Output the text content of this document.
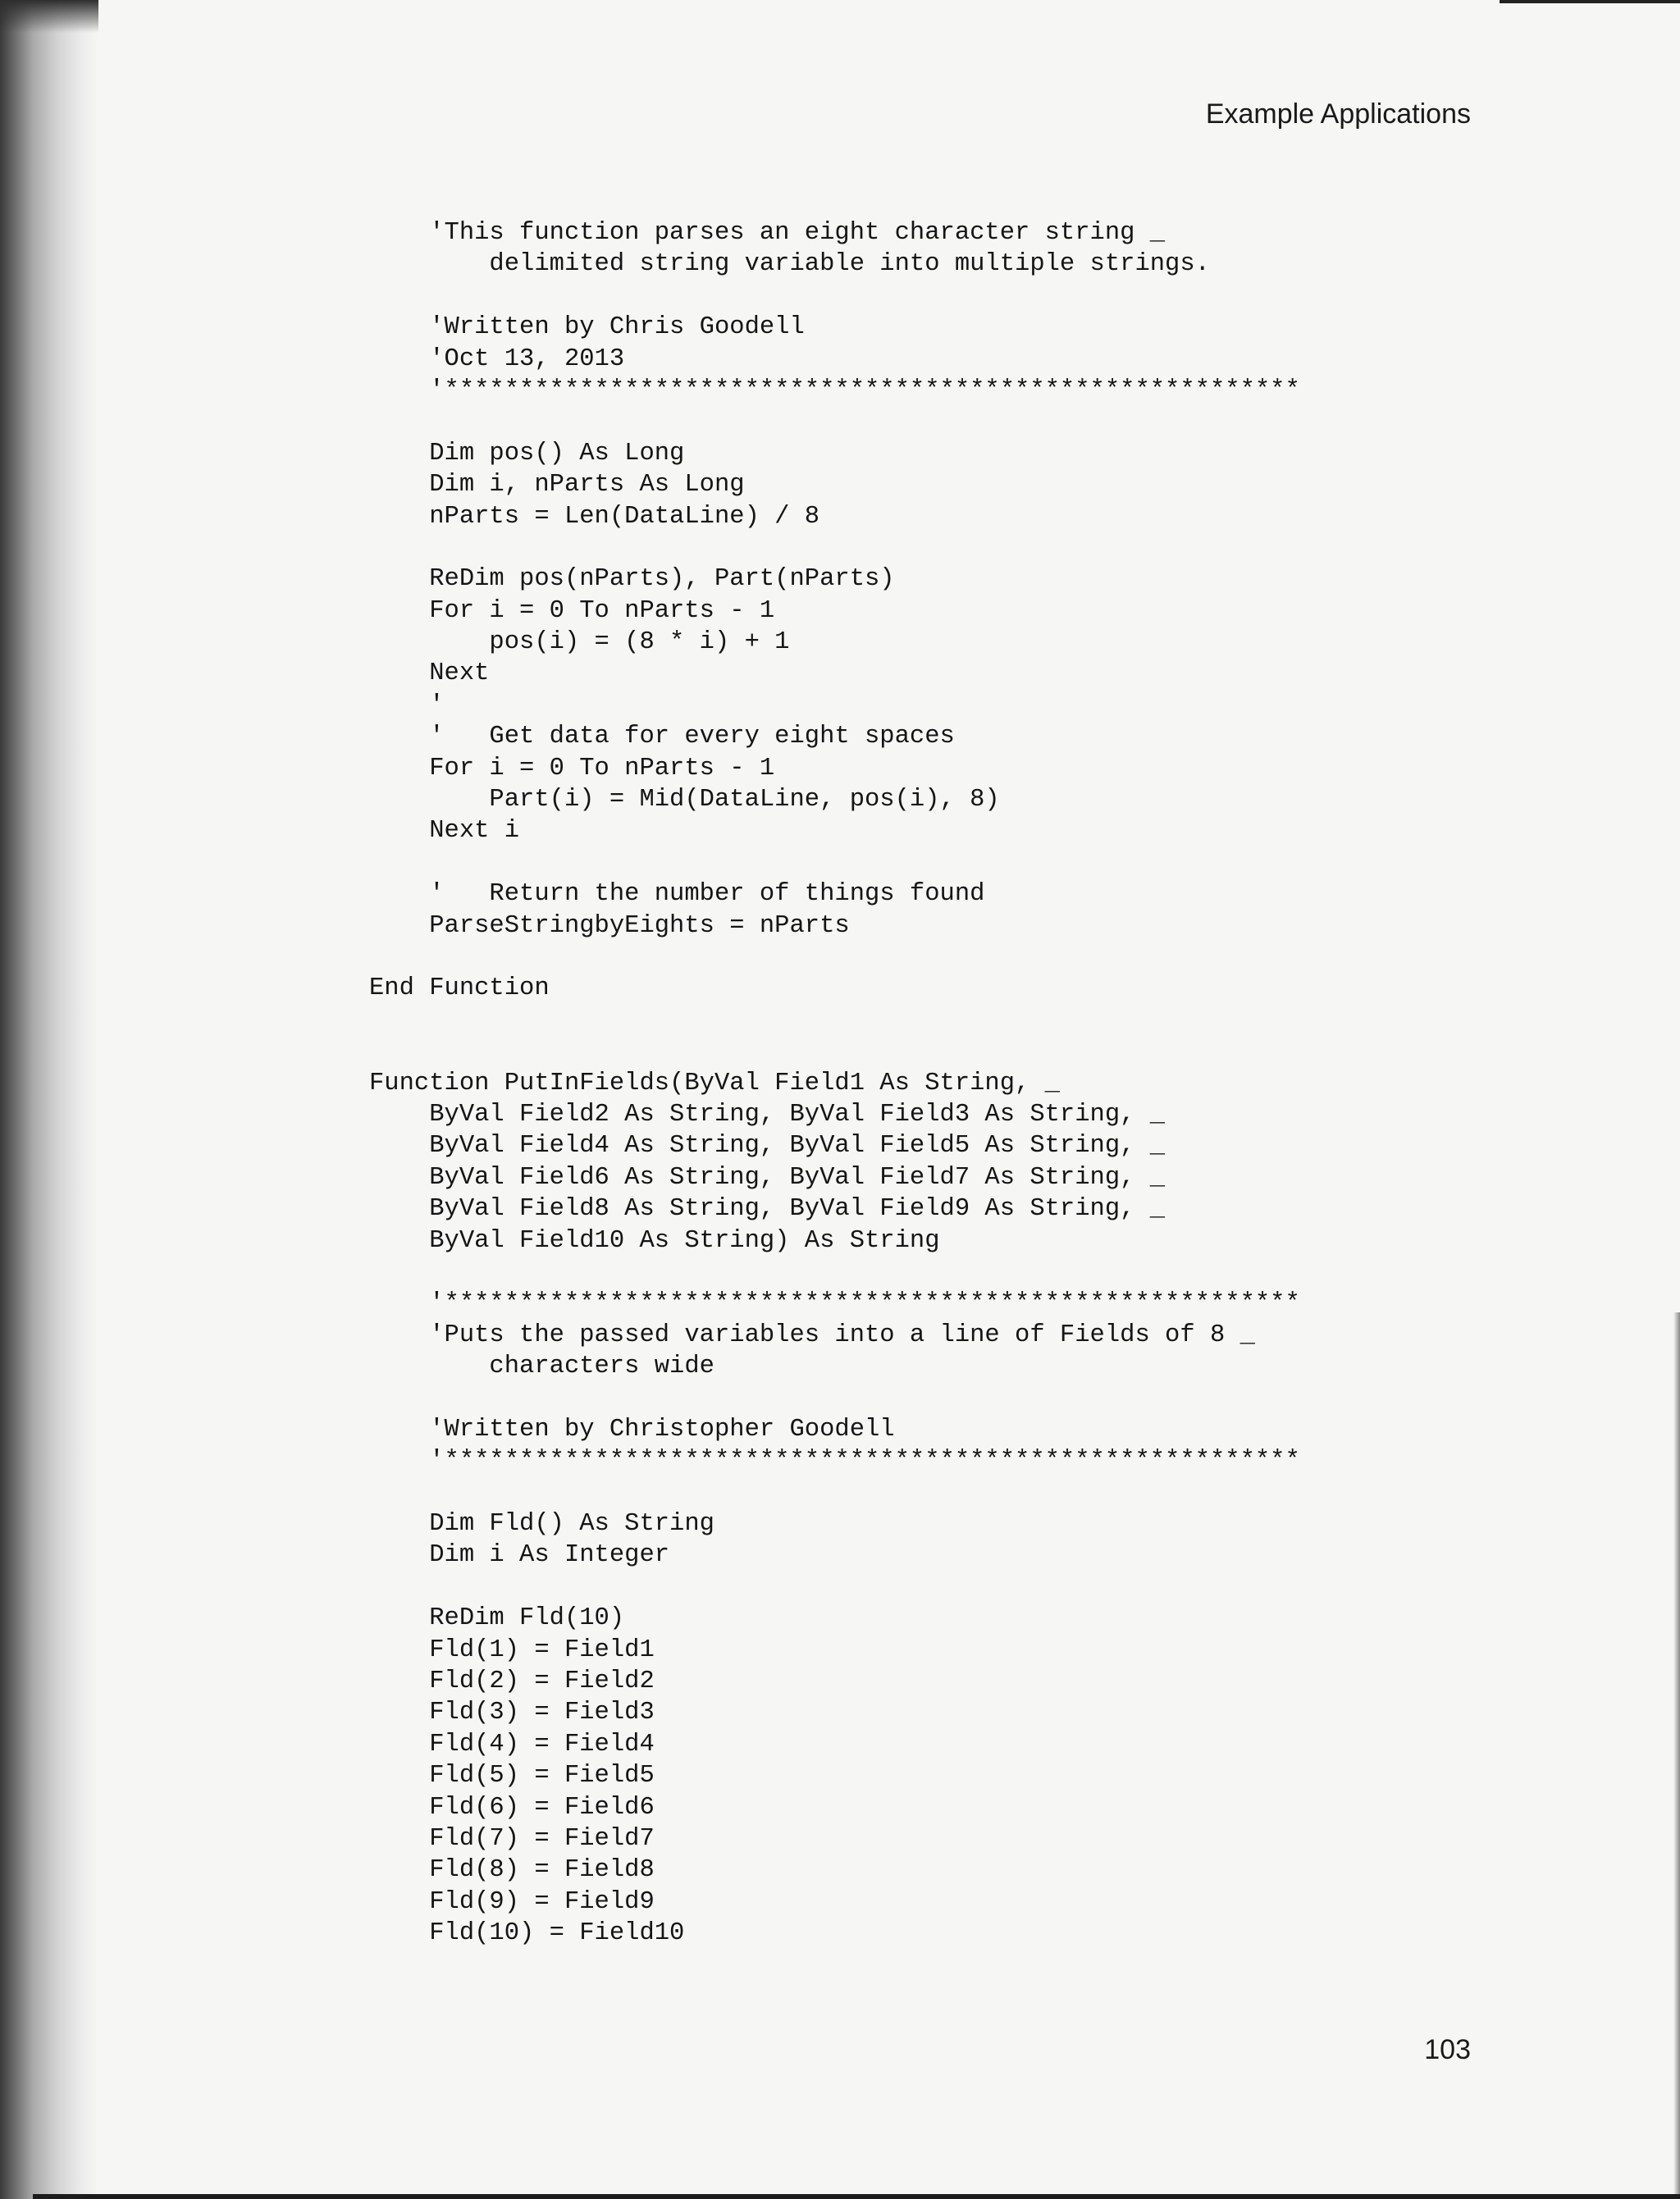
Example Applications
'This function parses an eight character string _
delimited string variable into multiple strings.
'Written by Chris Goodell
'Oct 13, 2013
'*********************************************************
Dim pos() As Long
Dim i, nParts As Long
nParts = Len(DataLine) / 8
ReDim pos(nParts), Part(nParts)
For i = 0 To nParts - 1
pos(i) = (8 * i) + 1
Next
'
'   Get data for every eight spaces
For i = 0 To nParts - 1
Part(i) = Mid(DataLine, pos(i), 8)
Next i
'   Return the number of things found
ParseStringbyEights = nParts
End Function
Function PutInFields(ByVal Field1 As String, _
ByVal Field2 As String, ByVal Field3 As String, _
ByVal Field4 As String, ByVal Field5 As String, _
ByVal Field6 As String, ByVal Field7 As String, _
ByVal Field8 As String, ByVal Field9 As String, _
ByVal Field10 As String) As String
'*********************************************************
'Puts the passed variables into a line of Fields of 8 _
characters wide
'Written by Christopher Goodell
'*********************************************************
Dim Fld() As String
Dim i As Integer
ReDim Fld(10)
Fld(1) = Field1
Fld(2) = Field2
Fld(3) = Field3
Fld(4) = Field4
Fld(5) = Field5
Fld(6) = Field6
Fld(7) = Field7
Fld(8) = Field8
Fld(9) = Field9
Fld(10) = Field10
103
